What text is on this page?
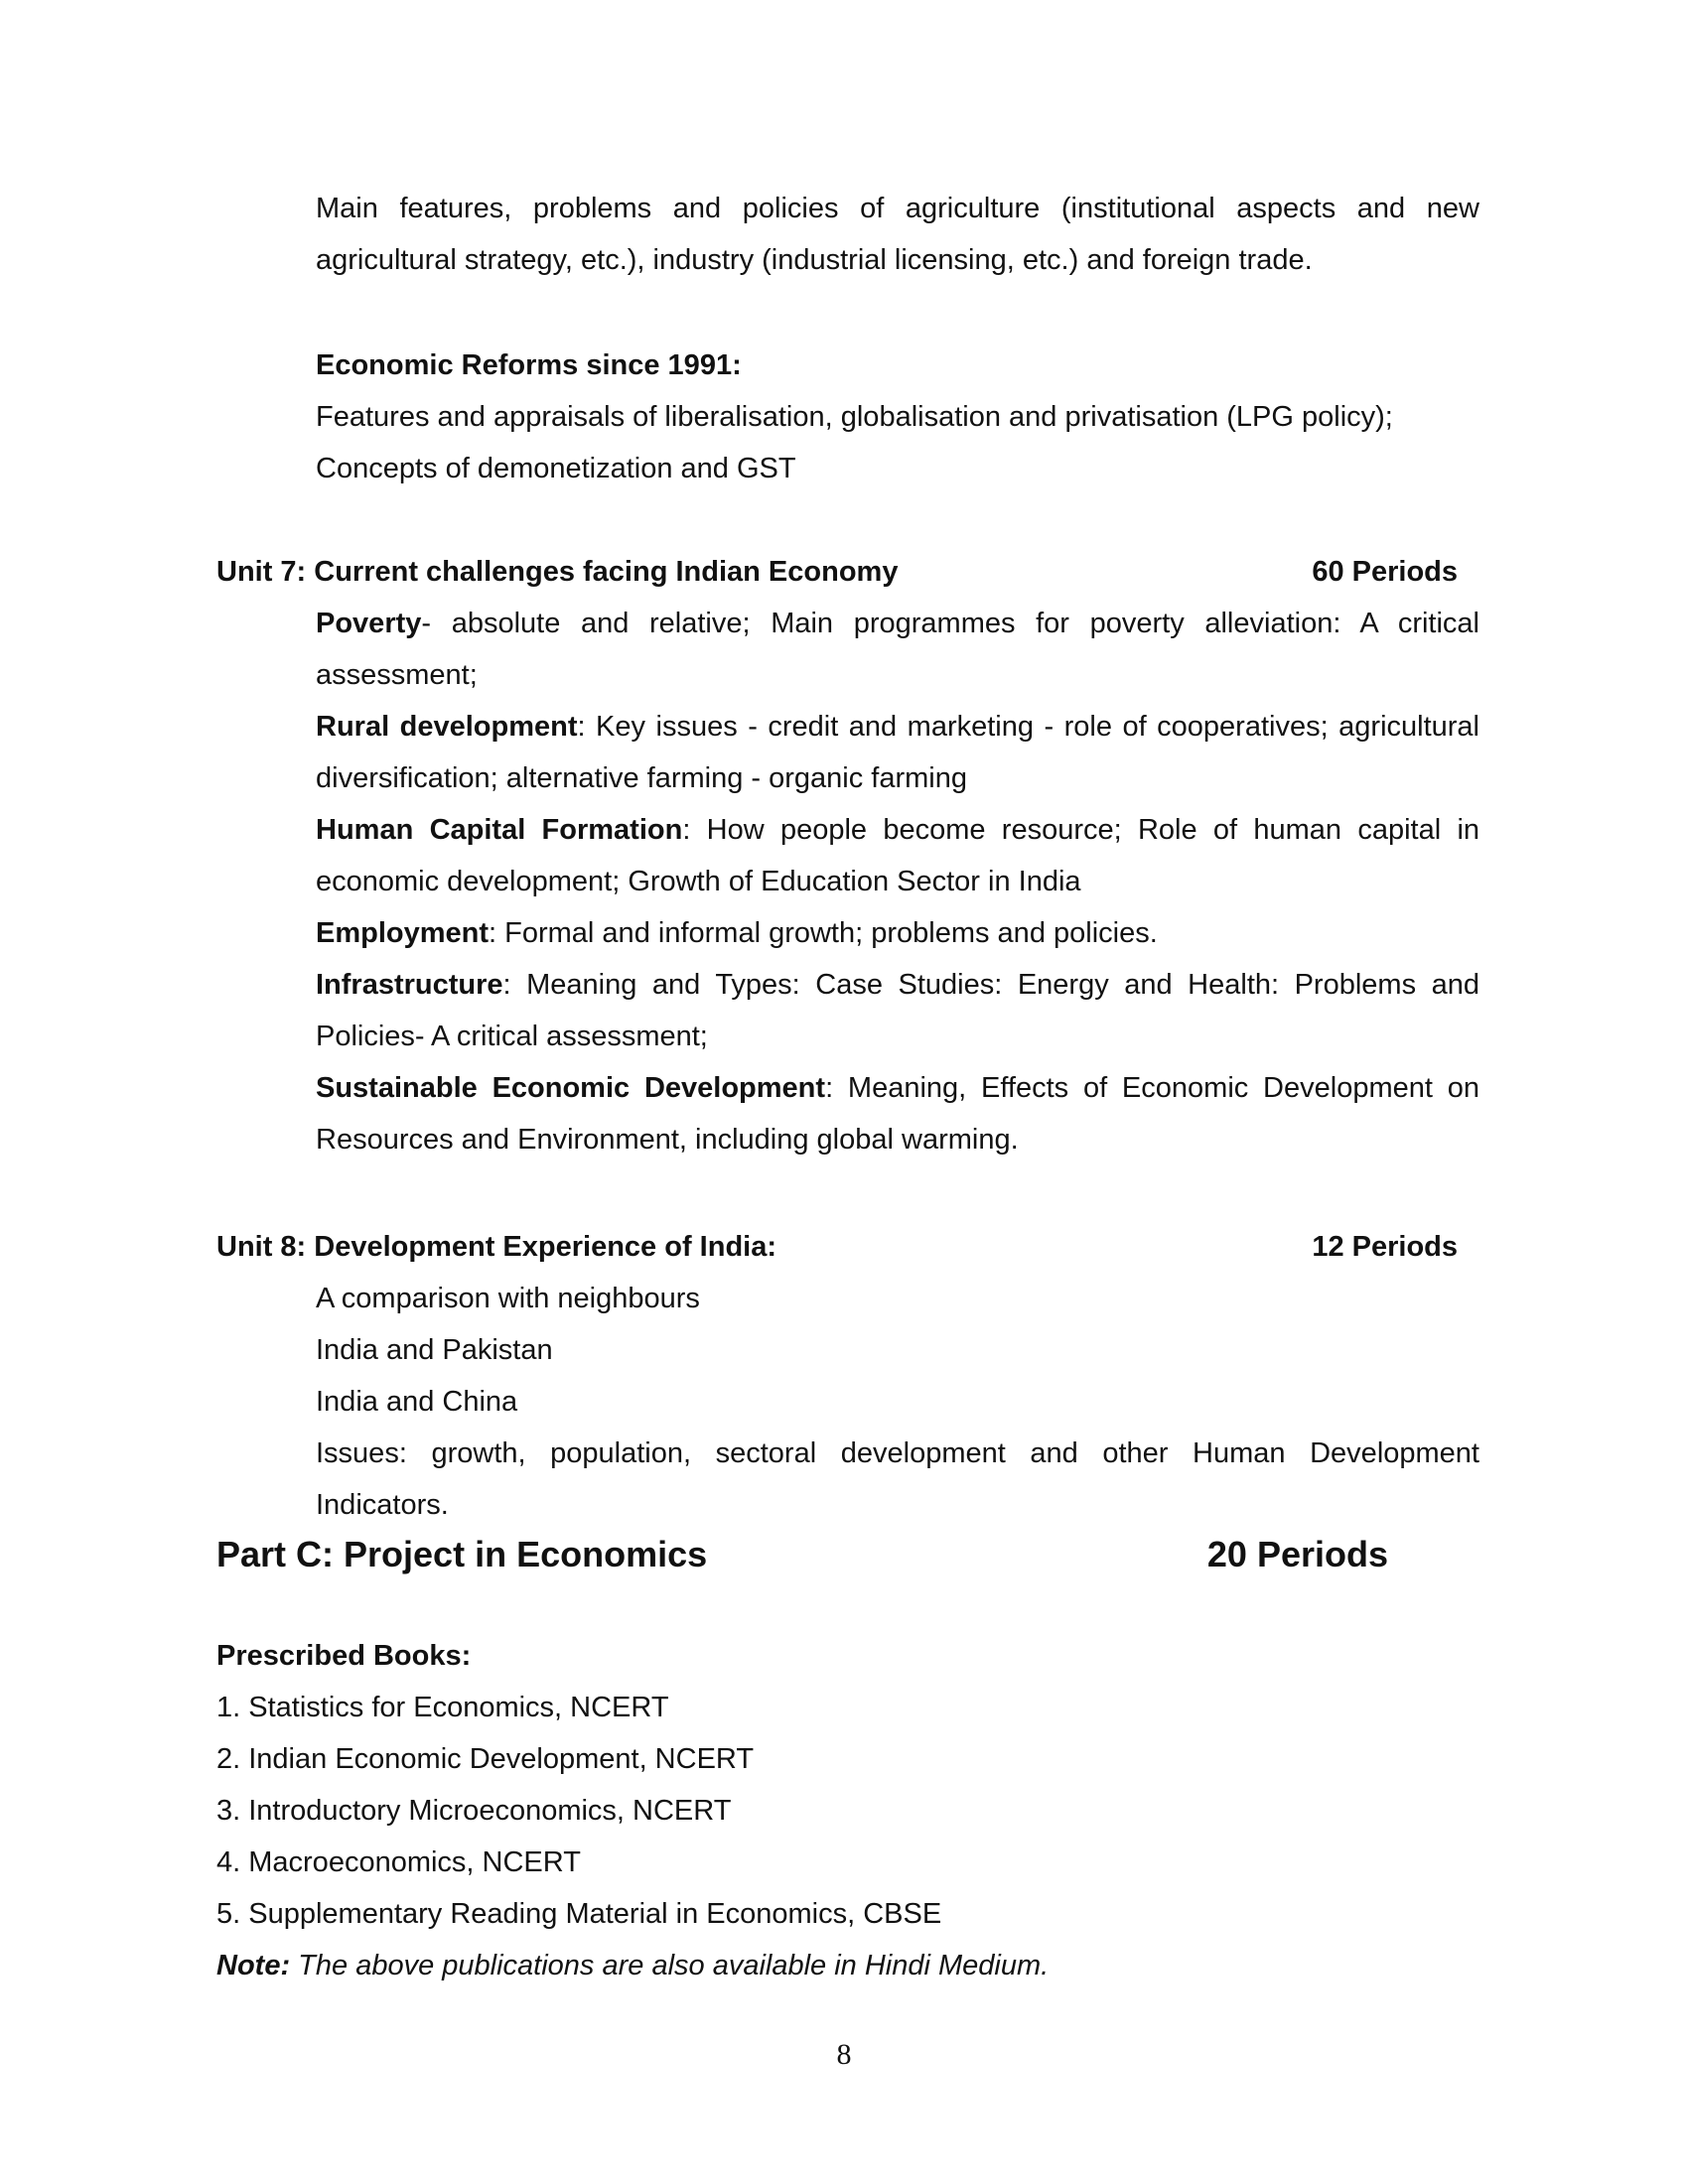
Main features, problems and policies of agriculture (institutional aspects and new agricultural strategy, etc.), industry (industrial licensing, etc.) and foreign trade.
Economic Reforms since 1991:
Features and appraisals of liberalisation, globalisation and privatisation (LPG policy);
Concepts of demonetization and GST
Unit 7: Current challenges facing Indian Economy	60 Periods
Poverty- absolute and relative; Main programmes for poverty alleviation: A critical assessment;
Rural development: Key issues - credit and marketing - role of cooperatives; agricultural diversification; alternative farming - organic farming
Human Capital Formation: How people become resource; Role of human capital in economic development; Growth of Education Sector in India
Employment: Formal and informal growth; problems and policies.
Infrastructure: Meaning and Types: Case Studies: Energy and Health: Problems and Policies- A critical assessment;
Sustainable Economic Development: Meaning, Effects of Economic Development on Resources and Environment, including global warming.
Unit 8: Development Experience of India:	12 Periods
A comparison with neighbours
India and Pakistan
India and China
Issues: growth, population, sectoral development and other Human Development Indicators.
Part C: Project in Economics	20 Periods
Prescribed Books:
1. Statistics for Economics, NCERT
2. Indian Economic Development, NCERT
3. Introductory Microeconomics, NCERT
4. Macroeconomics, NCERT
5. Supplementary Reading Material in Economics, CBSE
Note: The above publications are also available in Hindi Medium.
8
